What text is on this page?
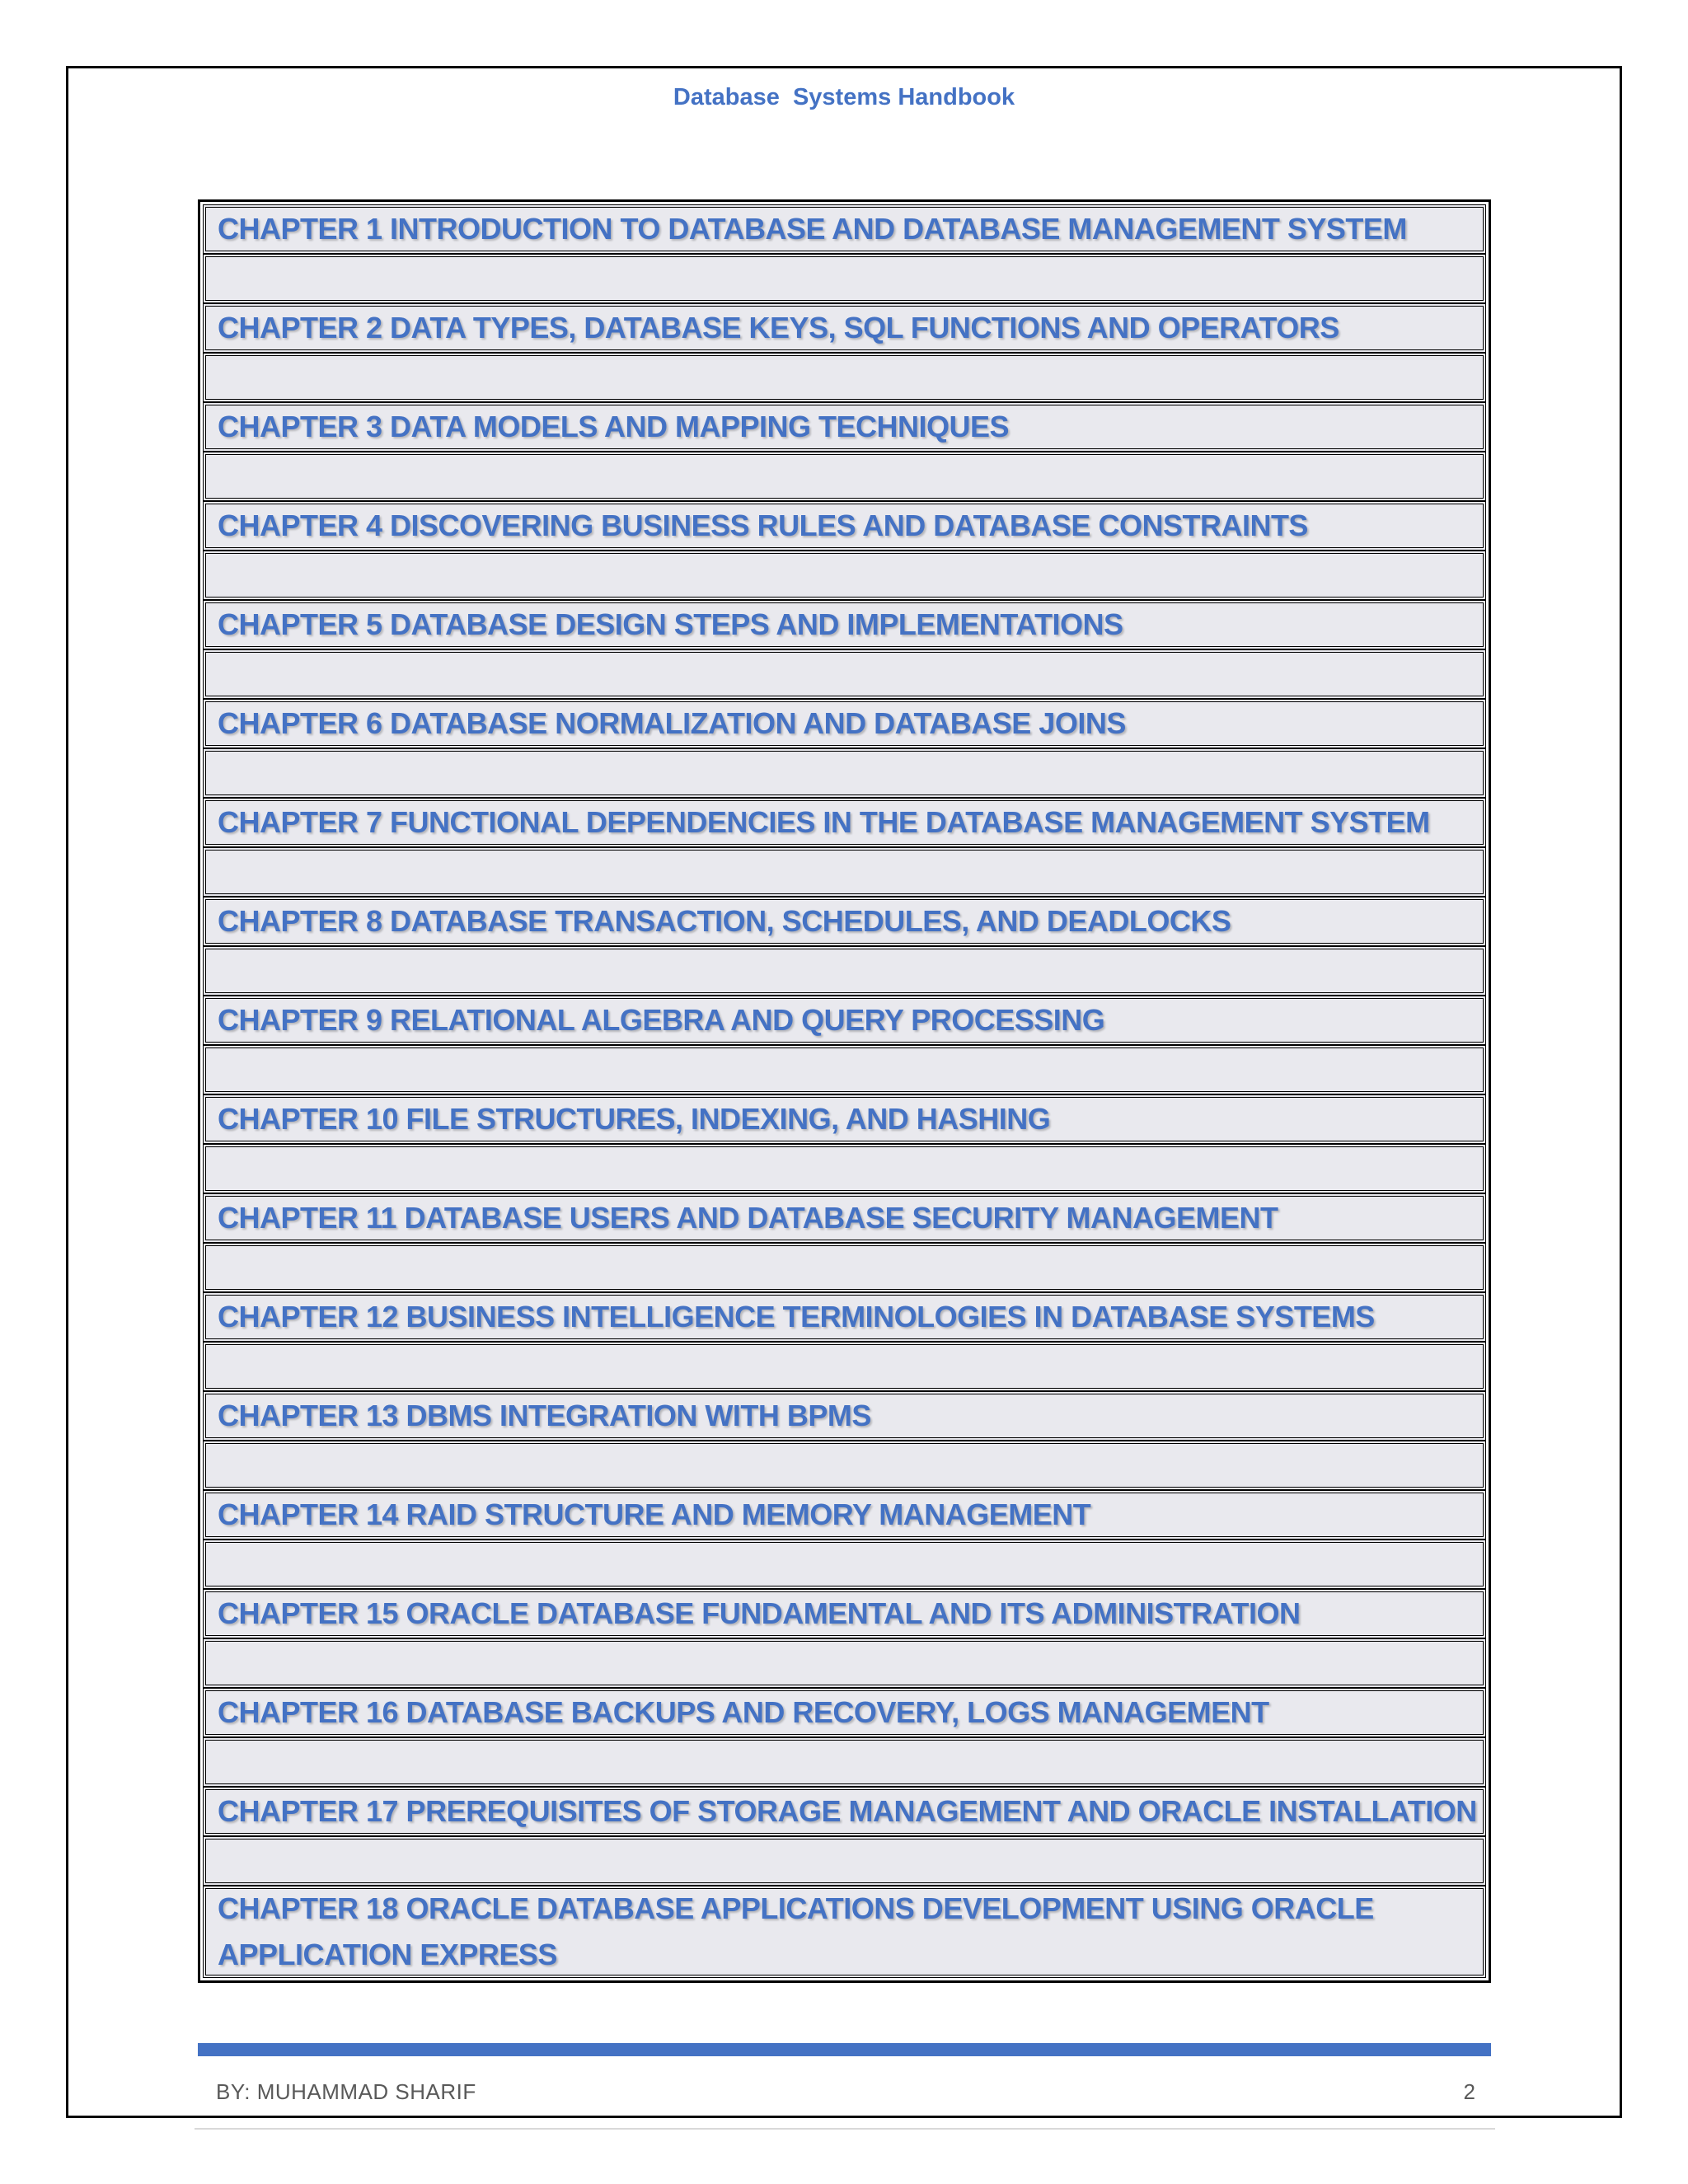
Database  Systems Handbook
CHAPTER 1 INTRODUCTION TO DATABASE AND DATABASE MANAGEMENT SYSTEM
CHAPTER 2 DATA TYPES, DATABASE KEYS, SQL FUNCTIONS AND OPERATORS
CHAPTER 3 DATA MODELS AND MAPPING TECHNIQUES
CHAPTER 4 DISCOVERING BUSINESS RULES AND DATABASE CONSTRAINTS
CHAPTER 5 DATABASE DESIGN STEPS AND IMPLEMENTATIONS
CHAPTER 6 DATABASE NORMALIZATION AND DATABASE JOINS
CHAPTER 7 FUNCTIONAL DEPENDENCIES IN THE DATABASE MANAGEMENT SYSTEM
CHAPTER 8 DATABASE TRANSACTION, SCHEDULES, AND DEADLOCKS
CHAPTER 9 RELATIONAL ALGEBRA AND QUERY PROCESSING
CHAPTER 10 FILE STRUCTURES, INDEXING, AND HASHING
CHAPTER 11 DATABASE USERS AND DATABASE SECURITY MANAGEMENT
CHAPTER 12 BUSINESS INTELLIGENCE TERMINOLOGIES IN DATABASE SYSTEMS
CHAPTER 13 DBMS INTEGRATION WITH BPMS
CHAPTER 14 RAID STRUCTURE AND MEMORY MANAGEMENT
CHAPTER 15 ORACLE DATABASE FUNDAMENTAL AND ITS ADMINISTRATION
CHAPTER 16 DATABASE BACKUPS AND RECOVERY, LOGS MANAGEMENT
CHAPTER 17 PREREQUISITES OF STORAGE MANAGEMENT AND ORACLE INSTALLATION
CHAPTER 18 ORACLE DATABASE APPLICATIONS DEVELOPMENT USING ORACLE APPLICATION EXPRESS
BY: MUHAMMAD SHARIF	2
